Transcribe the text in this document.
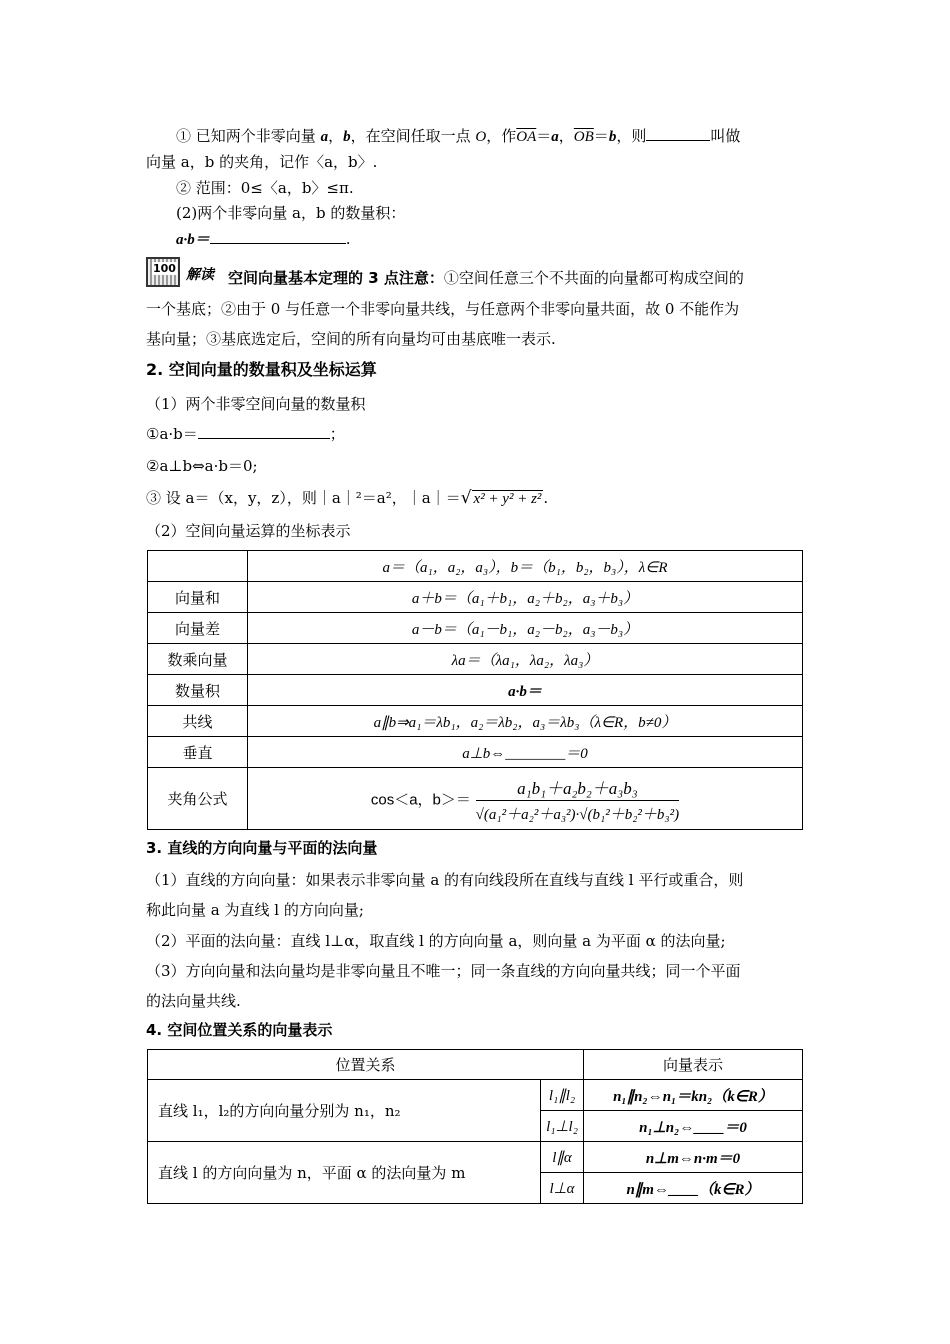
① 已知两个非零向量 a，b，在空间任取一点 O，作$\overline{OA}=a$，$\overline{OB}=b$，则	叫做
向量 a，b 的夹角，记作〈a，b〉.
② 范围：0≤〈a，b〉≤π.
(2)两个非零向量 a，b 的数量积：
a·b＝	.
100 解读 空间向量基本定理的 3 点注意：①空间任意三个不共面的向量都可构成空间的
一个基底；②由于 0 与任意一个非零向量共线，与任意两个非零向量共面，故 0 不能作为
基向量；③基底选定后，空间的所有向量均可由基底唯一表示.
2. 空间向量的数量积及坐标运算
（1）两个非零空间向量的数量积
①a·b＝	；
②a⊥b⇔a·b＝0;
③ 设 a＝（x，y，z），则｜a｜²＝a²，｜a｜＝√ x² + y² + z² .
（2）空间向量运算的坐标表示
	a＝（a₁，a₂，a₃），b＝（b₁，b₂，b₃），λ∈R
向量和	a＋b＝（a₁＋b₁，a₂＋b₂，a₃＋b₃）
向量差	a－b＝（a₁－b₁，a₂－b₂，a₃－b₃）
数乘向量	λa＝（λa₁，λa₂，λa₃）
数量积	a·b＝
共线	a∥b⇒a₁＝λb₁，a₂＝λb₂，a₃＝λb₃（λ∈R，b≠0）
垂直	a⊥b⇔________＝0
夹角公式	cos＜a，$b>= \frac{\text{a₁b₁＋a₂b₂＋a₃b₃}}{\text{√(a₁²＋a₂²＋a₃²)·√(b₁²＋b₂²＋b₃²)}}$
3. 直线的方向向量与平面的法向量
（1）直线的方向向量：如果表示非零向量 a 的有向线段所在直线与直线 l 平行或重合，则
称此向量 a 为直线 l 的方向向量;
（2）平面的法向量：直线 l⊥α，取直线 l 的方向向量 a，则向量 a 为平面 α 的法向量;
（3）方向向量和法向量均是非零向量且不唯一；同一条直线的方向向量共线；同一个平面
的法向量共线.
4. 空间位置关系的向量表示
位置关系		向量表示
直线 l₁，l₂的方向向量分别为 n₁，n₂	l₁∥l₂	n₁∥n₂⇔n₁＝kn₂（k∈R）
	l₁⊥l₂	n₁⊥n₂⇔____＝0
直线 l 的方向向量为 n，平面 α 的法向量为 m	l∥α	n⊥m⇔n·m＝0
	l⊥α	n∥m⇔____（k∈R）
